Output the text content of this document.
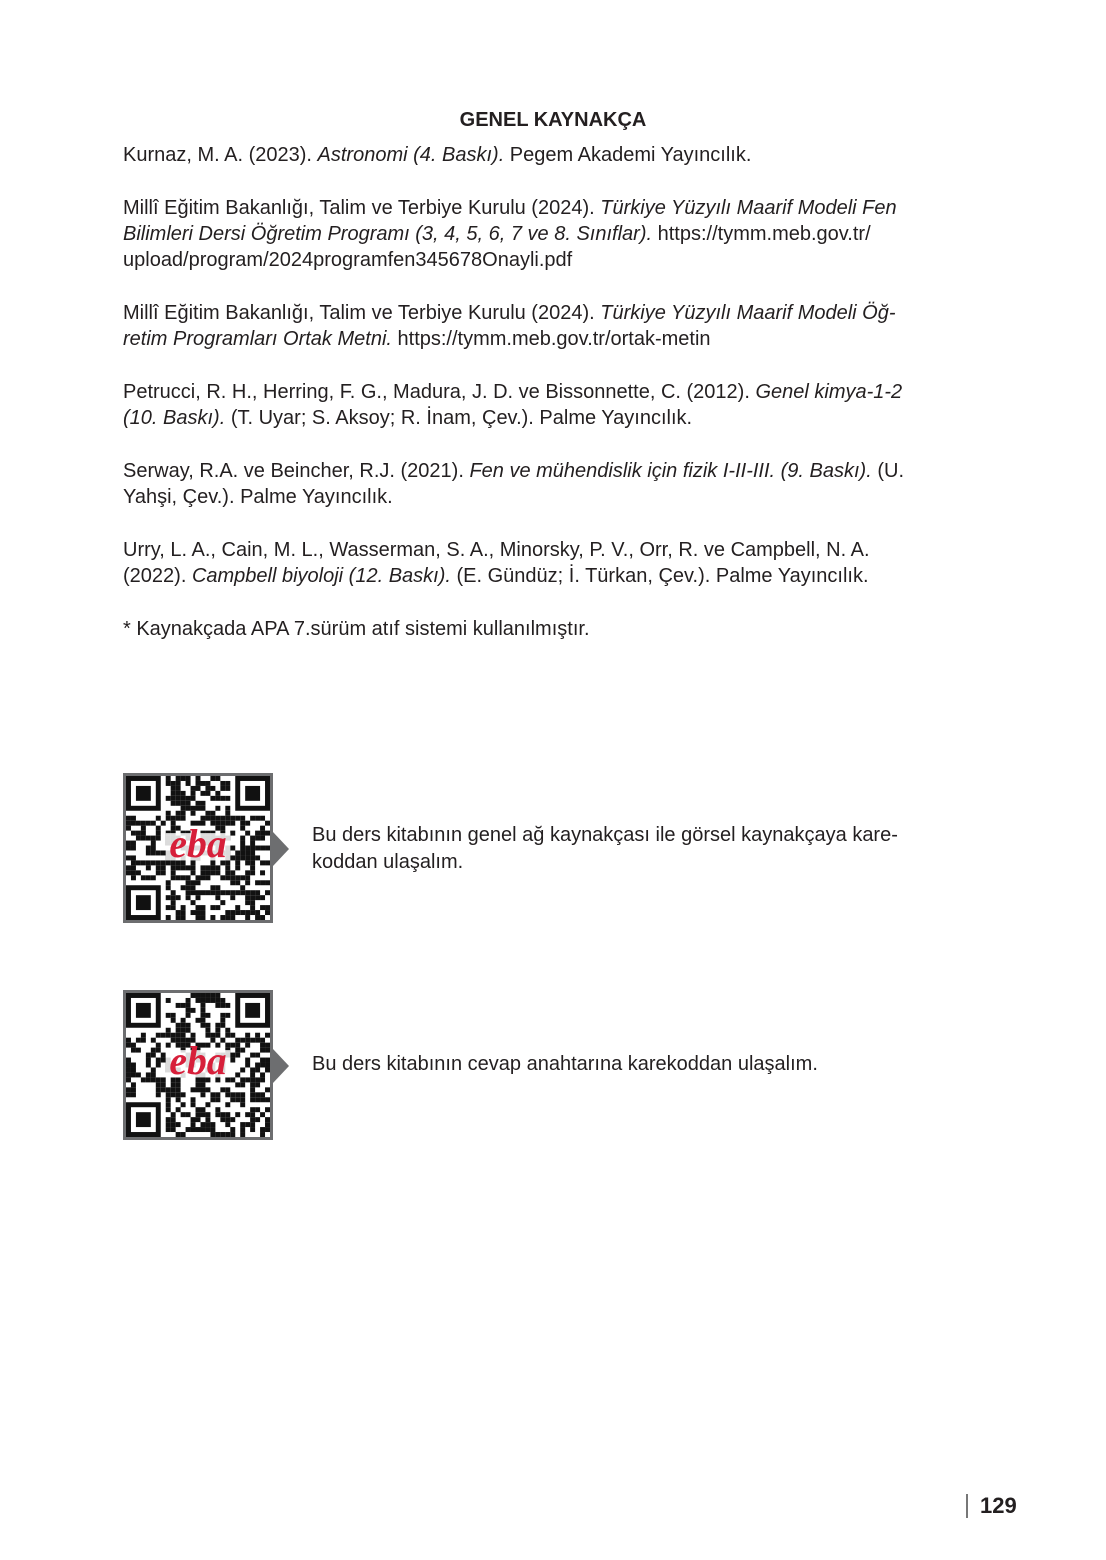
GENEL KAYNAKÇA

Kurnaz, M. A. (2023). Astronomi (4. Baskı). Pegem Akademi Yayıncılık.

Millî Eğitim Bakanlığı, Talim ve Terbiye Kurulu (2024). Türkiye Yüzyılı Maarif Modeli Fen
Bilimleri Dersi Öğretim Programı (3, 4, 5, 6, 7 ve 8. Sınıflar). https://tymm.meb.gov.tr/
upload/program/2024programfen345678Onayli.pdf

Millî Eğitim Bakanlığı, Talim ve Terbiye Kurulu (2024). Türkiye Yüzyılı Maarif Modeli Öğ-
retim Programları Ortak Metni. https://tymm.meb.gov.tr/ortak-metin

Petrucci, R. H., Herring, F. G., Madura, J. D. ve Bissonnette, C. (2012). Genel kimya-1-2
(10. Baskı). (T. Uyar; S. Aksoy; R. İnam, Çev.). Palme Yayıncılık.

Serway, R.A. ve Beincher, R.J. (2021). Fen ve mühendislik için fizik I-II-III. (9. Baskı). (U.
Yahşi, Çev.). Palme Yayıncılık.

Urry, L. A., Cain, M. L., Wasserman, S. A., Minorsky, P. V., Orr, R. ve Campbell, N. A.
(2022). Campbell biyoloji (12. Baskı). (E. Gündüz; İ. Türkan, Çev.). Palme Yayıncılık.

* Kaynakçada APA 7.sürüm atıf sistemi kullanılmıştır.

eba	Bu ders kitabının genel ağ kaynakçası ile görsel kaynakçaya kare-
koddan ulaşalım.
eba	Bu ders kitabının cevap anahtarına karekoddan ulaşalım.
129
